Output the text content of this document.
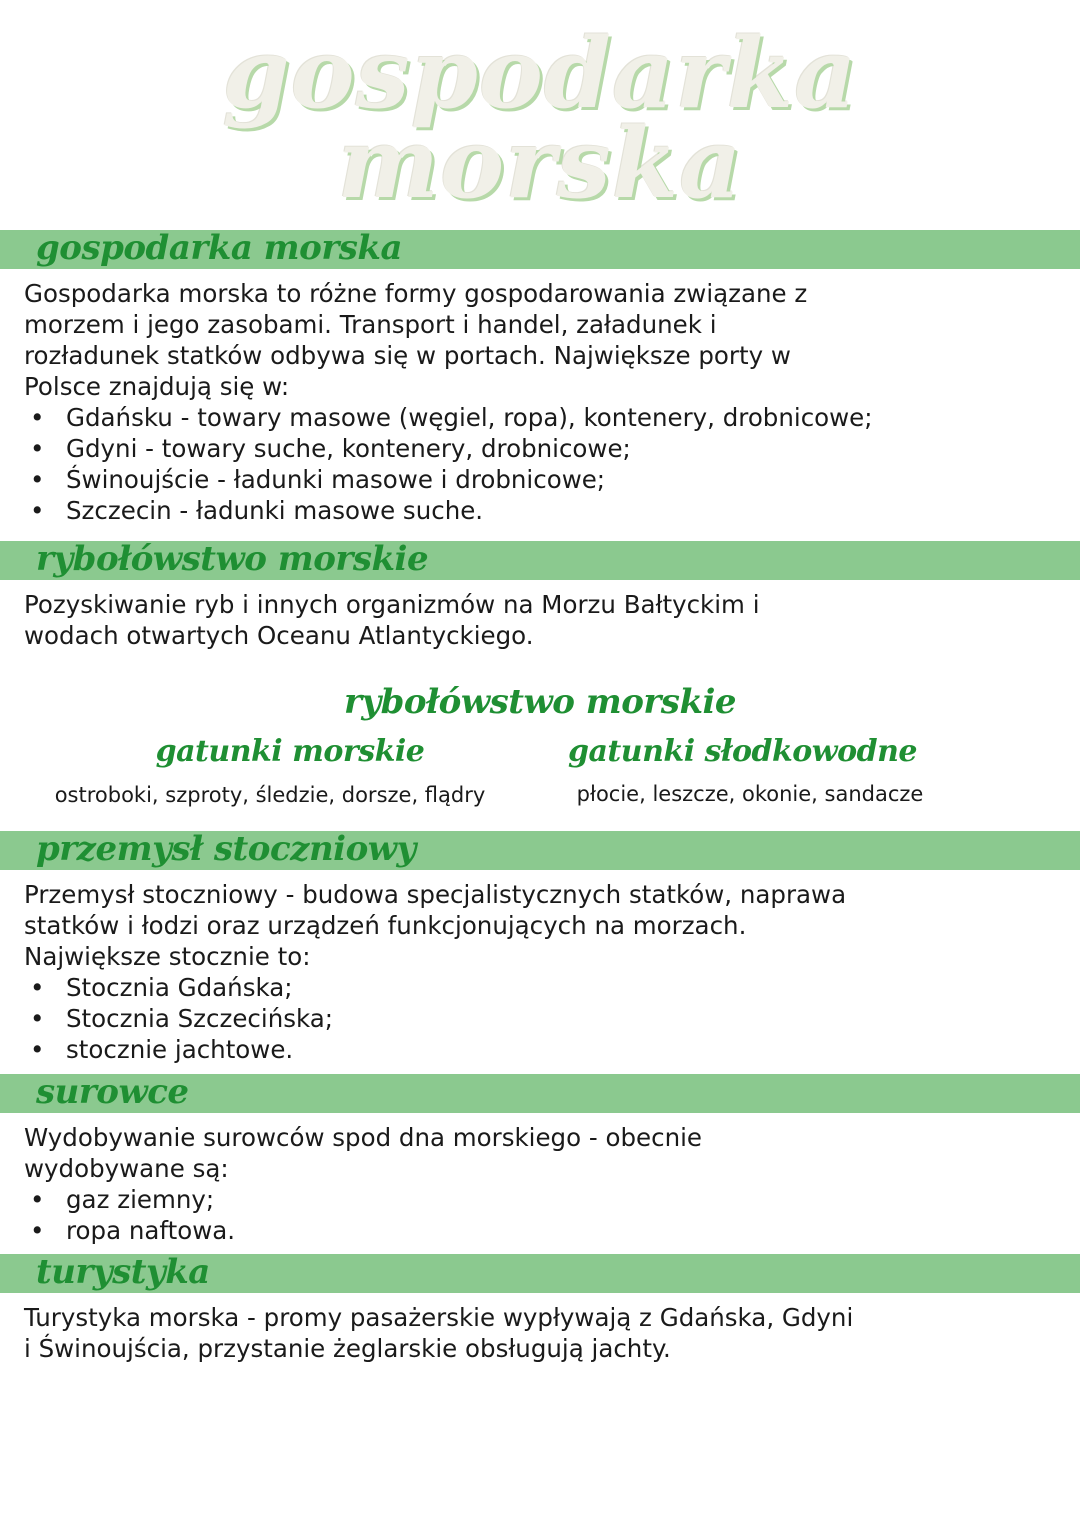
gospodarka
morska
gospodarka morska

Gospodarka morska to różne formy gospodarowania związane z
morzem i jego zasobami. Transport i handel, załadunek i
rozładunek statków odbywa się w portach. Największe porty w
Polsce znajdują się w:

• Gdańsku - towary masowe (węgiel, ropa), kontenery, drobnicowe;
• Gdyni - towary suche, kontenery, drobnicowe;
• Świnoujście - ładunki masowe i drobnicowe;
• Szczecin - ładunki masowe suche.
rybołówstwo morskie

Pozyskiwanie ryb i innych organizmów na Morzu Bałtyckim i
wodach otwartych Oceanu Atlantyckiego.

rybołówstwo morskie
gatunki morskie	gatunki słodkowodne
ostroboki, szproty, śledzie, dorsze, flądry	płocie, leszcze, okonie, sandacze
przemysł stoczniowy

Przemysł stoczniowy - budowa specjalistycznych statków, naprawa
statków i łodzi oraz urządzeń funkcjonujących na morzach.
Największe stocznie to:

• Stocznia Gdańska;
• Stocznia Szczecińska;
• stocznie jachtowe.
surowce

Wydobywanie surowców spod dna morskiego - obecnie
wydobywane są:

• gaz ziemny;
• ropa naftowa.
turystyka

Turystyka morska - promy pasażerskie wypływają z Gdańska, Gdyni
i Świnoujścia, przystanie żeglarskie obsługują jachty.
